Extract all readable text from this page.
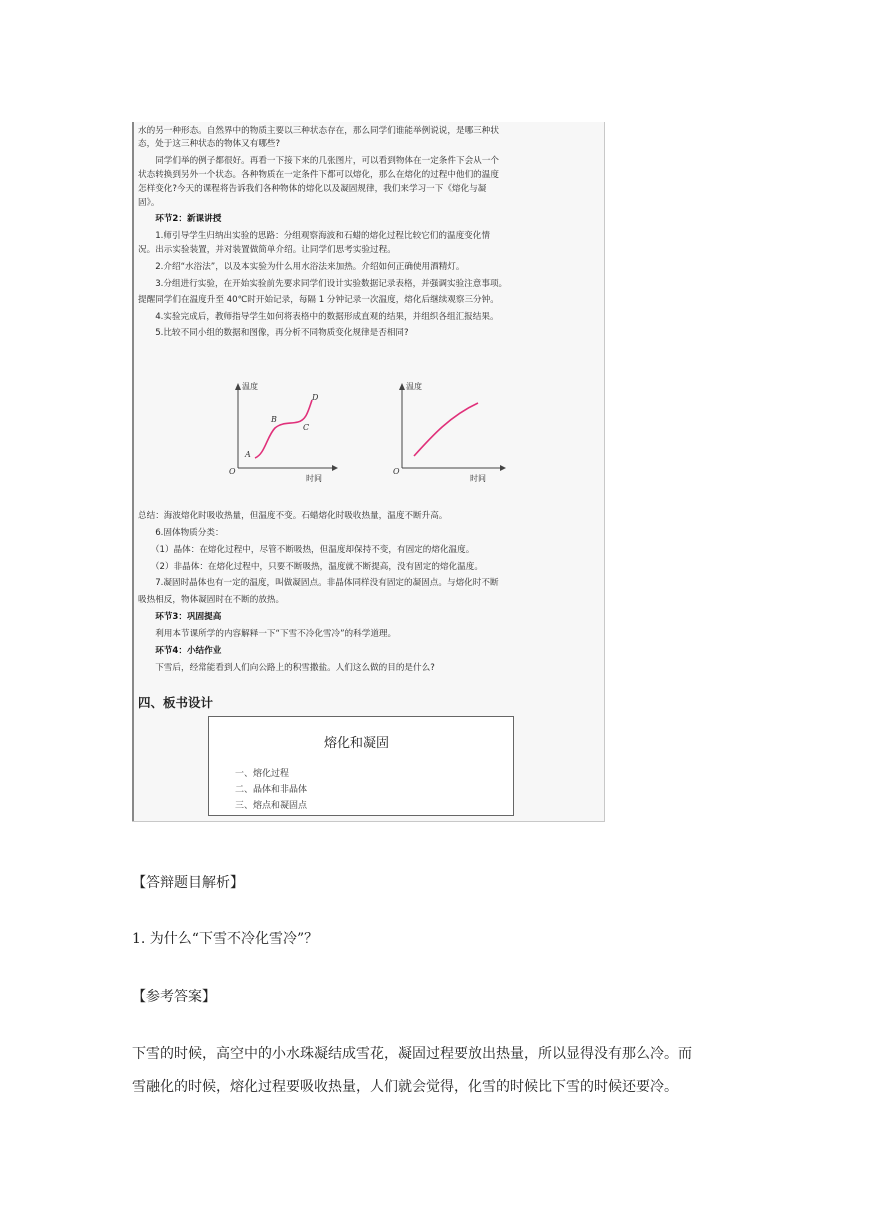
水的另一种形态。自然界中的物质主要以三种状态存在，那么同学们谁能举例说说，是哪三种状
态，处于这三种状态的物体又有哪些?
　　同学们举的例子都很好。再看一下接下来的几张图片，可以看到物体在一定条件下会从一个
状态转换到另外一个状态。各种物质在一定条件下都可以熔化，那么在熔化的过程中他们的温度
怎样变化?今天的课程将告诉我们各种物体的熔化以及凝固规律，我们来学习一下《熔化与凝
固》。
　　环节2：新课讲授
　　1.师引导学生归纳出实验的思路：分组观察海波和石蜡的熔化过程比较它们的温度变化情
况。出示实验装置，并对装置做简单介绍。让同学们思考实验过程。
　　2.介绍“水浴法”，以及本实验为什么用水浴法来加热。介绍如何正确使用酒精灯。
　　3.分组进行实验，在开始实验前先要求同学们设计实验数据记录表格，并强调实验注意事项。
提醒同学们在温度升至 40℃时开始记录，每隔 1 分钟记录一次温度，熔化后继续观察三分钟。
　　4.实验完成后，教师指导学生如何将表格中的数据形成直观的结果，并组织各组汇报结果。
　　5.比较不同小组的数据和图像，再分析不同物质变化规律是否相同?
温度
时间
O
A
B
C
D
温度
时间
O
总结：海波熔化时吸收热量，但温度不变。石蜡熔化时吸收热量，温度不断升高。
　　6.固体物质分类：
　　（1）晶体：在熔化过程中，尽管不断吸热，但温度却保持不变，有固定的熔化温度。
　　（2）非晶体：在熔化过程中，只要不断吸热，温度就不断提高，没有固定的熔化温度。
　　7.凝固时晶体也有一定的温度，叫做凝固点。非晶体同样没有固定的凝固点。与熔化时不断
吸热相反，物体凝固时在不断的放热。
　　环节3：巩固提高
　　利用本节课所学的内容解释一下“下雪不冷化雪冷”的科学道理。
　　环节4：小结作业
　　下雪后，经常能看到人们向公路上的积雪撒盐。人们这么做的目的是什么?
四、板书设计
熔化和凝固
一、熔化过程
二、晶体和非晶体
三、熔点和凝固点
【答辩题目解析】
1. 为什么“下雪不冷化雪冷”？
【参考答案】
下雪的时候，高空中的小水珠凝结成雪花，凝固过程要放出热量，所以显得没有那么冷。而
雪融化的时候，熔化过程要吸收热量，人们就会觉得，化雪的时候比下雪的时候还要冷。
